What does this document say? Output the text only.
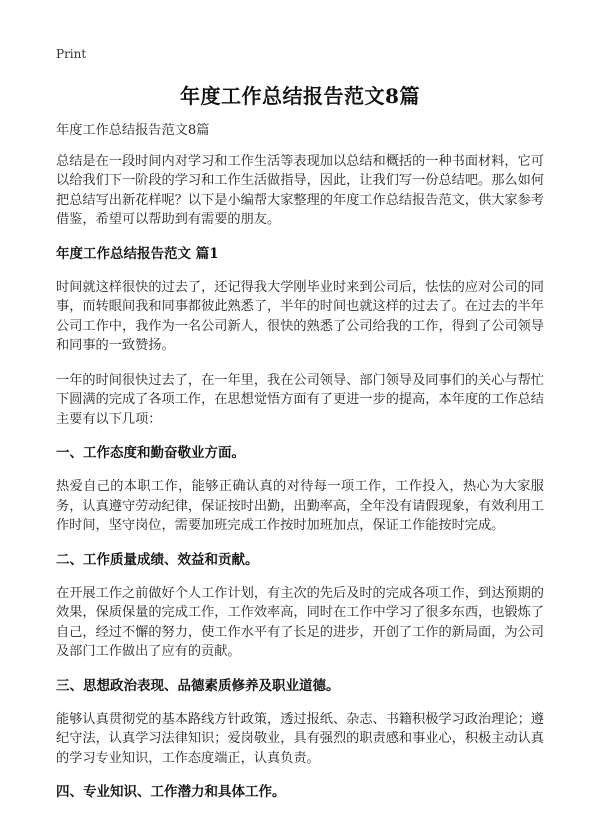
Print
年度工作总结报告范文8篇

年度工作总结报告范文8篇

总结是在一段时间内对学习和工作生活等表现加以总结和概括的一种书面材料，它可以给我们下一阶段的学习和工作生活做指导，因此，让我们写一份总结吧。那么如何把总结写出新花样呢？以下是小编帮大家整理的年度工作总结报告范文，供大家参考借鉴，希望可以帮助到有需要的朋友。

年度工作总结报告范文 篇1

时间就这样很快的过去了，还记得我大学刚毕业时来到公司后，怯怯的应对公司的同事，而转眼间我和同事都彼此熟悉了，半年的时间也就这样的过去了。在过去的半年公司工作中，我作为一名公司新人，很快的熟悉了公司给我的工作，得到了公司领导和同事的一致赞扬。

一年的时间很快过去了，在一年里，我在公司领导、部门领导及同事们的关心与帮忙下圆满的完成了各项工作，在思想觉悟方面有了更进一步的提高，本年度的工作总结主要有以下几项：

一、工作态度和勤奋敬业方面。

热爱自己的本职工作，能够正确认真的对待每一项工作，工作投入，热心为大家服务，认真遵守劳动纪律，保证按时出勤，出勤率高，全年没有请假现象，有效利用工作时间，坚守岗位，需要加班完成工作按时加班加点，保证工作能按时完成。

二、工作质量成绩、效益和贡献。

在开展工作之前做好个人工作计划，有主次的先后及时的完成各项工作，到达预期的效果，保质保量的完成工作，工作效率高，同时在工作中学习了很多东西，也锻炼了自己，经过不懈的努力，使工作水平有了长足的进步，开创了工作的新局面，为公司及部门工作做出了应有的贡献。

三、思想政治表现、品德素质修养及职业道德。

能够认真贯彻党的基本路线方针政策，透过报纸、杂志、书籍积极学习政治理论；遵纪守法，认真学习法律知识；爱岗敬业，具有强烈的职责感和事业心，积极主动认真的学习专业知识，工作态度端正，认真负责。

四、专业知识、工作潜力和具体工作。
